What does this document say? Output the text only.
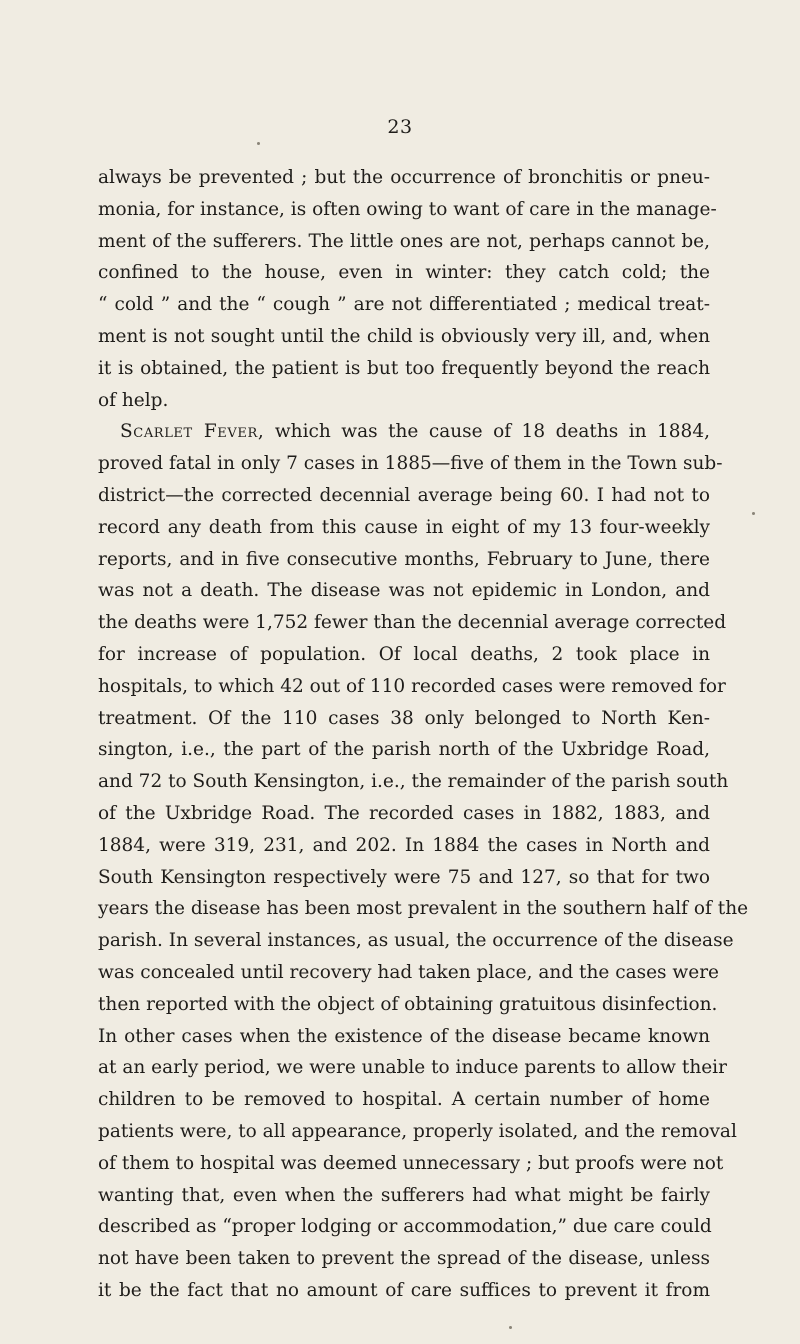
23
always be prevented ; but the occurrence of bronchitis or pneu-
monia, for instance, is often owing to want of care in the manage-
ment of the sufferers. The little ones are not, perhaps cannot be,
confined to the house, even in winter: they catch cold; the
“ cold ” and the “ cough ” are not differentiated ; medical treat-
ment is not sought until the child is obviously very ill, and, when
it is obtained, the patient is but too frequently beyond the reach
of help.
Scarlet Fever, which was the cause of 18 deaths in 1884,
proved fatal in only 7 cases in 1885—five of them in the Town sub-
district—the corrected decennial average being 60. I had not to
record any death from this cause in eight of my 13 four-weekly
reports, and in five consecutive months, February to June, there
was not a death. The disease was not epidemic in London, and
the deaths were 1,752 fewer than the decennial average corrected
for increase of population. Of local deaths, 2 took place in
hospitals, to which 42 out of 110 recorded cases were removed for
treatment. Of the 110 cases 38 only belonged to North Ken-
sington, i.e., the part of the parish north of the Uxbridge Road,
and 72 to South Kensington, i.e., the remainder of the parish south
of the Uxbridge Road. The recorded cases in 1882, 1883, and
1884, were 319, 231, and 202. In 1884 the cases in North and
South Kensington respectively were 75 and 127, so that for two
years the disease has been most prevalent in the southern half of the
parish. In several instances, as usual, the occurrence of the disease
was concealed until recovery had taken place, and the cases were
then reported with the object of obtaining gratuitous disinfection.
In other cases when the existence of the disease became known
at an early period, we were unable to induce parents to allow their
children to be removed to hospital. A certain number of home
patients were, to all appearance, properly isolated, and the removal
of them to hospital was deemed unnecessary ; but proofs were not
wanting that, even when the sufferers had what might be fairly
described as “proper lodging or accommodation,” due care could
not have been taken to prevent the spread of the disease, unless
it be the fact that no amount of care suffices to prevent it from
